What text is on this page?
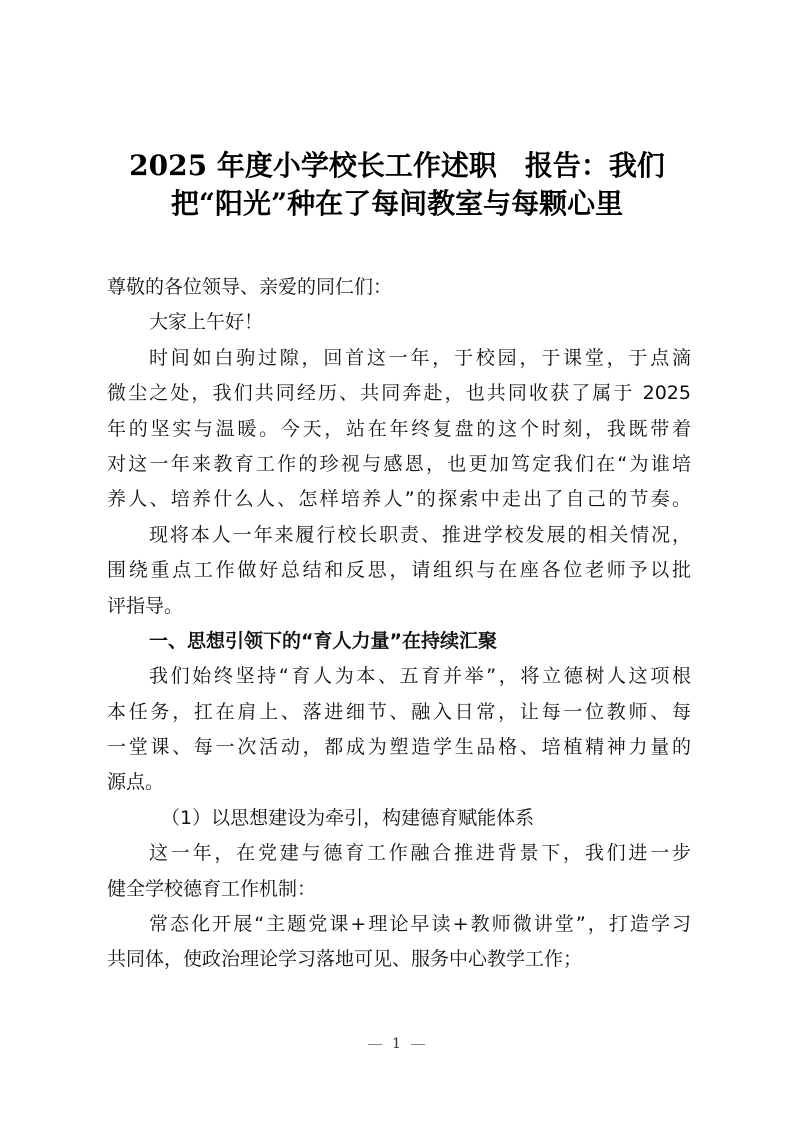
2025 年度小学校长工作述职　报告：我们
把“阳光”种在了每间教室与每颗心里
尊敬的各位领导、亲爱的同仁们：
大家上午好！
时间如白驹过隙，回首这一年，于校园，于课堂，于点滴
微尘之处，我们共同经历、共同奔赴，也共同收获了属于 2025
年的坚实与温暖。今天，站在年终复盘的这个时刻，我既带着
对这一年来教育工作的珍视与感恩，也更加笃定我们在“为谁培
养人、培养什么人、怎样培养人”的探索中走出了自己的节奏。
现将本人一年来履行校长职责、推进学校发展的相关情况，
围绕重点工作做好总结和反思，请组织与在座各位老师予以批
评指导。
一、思想引领下的“育人力量”在持续汇聚
我们始终坚持“育人为本、五育并举”，将立德树人这项根
本任务，扛在肩上、落进细节、融入日常，让每一位教师、每
一堂课、每一次活动，都成为塑造学生品格、培植精神力量的
源点。
（1）以思想建设为牵引，构建德育赋能体系
这一年，在党建与德育工作融合推进背景下，我们进一步
健全学校德育工作机制：
常态化开展“主题党课+理论早读+教师微讲堂”，打造学习
共同体，使政治理论学习落地可见、服务中心教学工作；
1
